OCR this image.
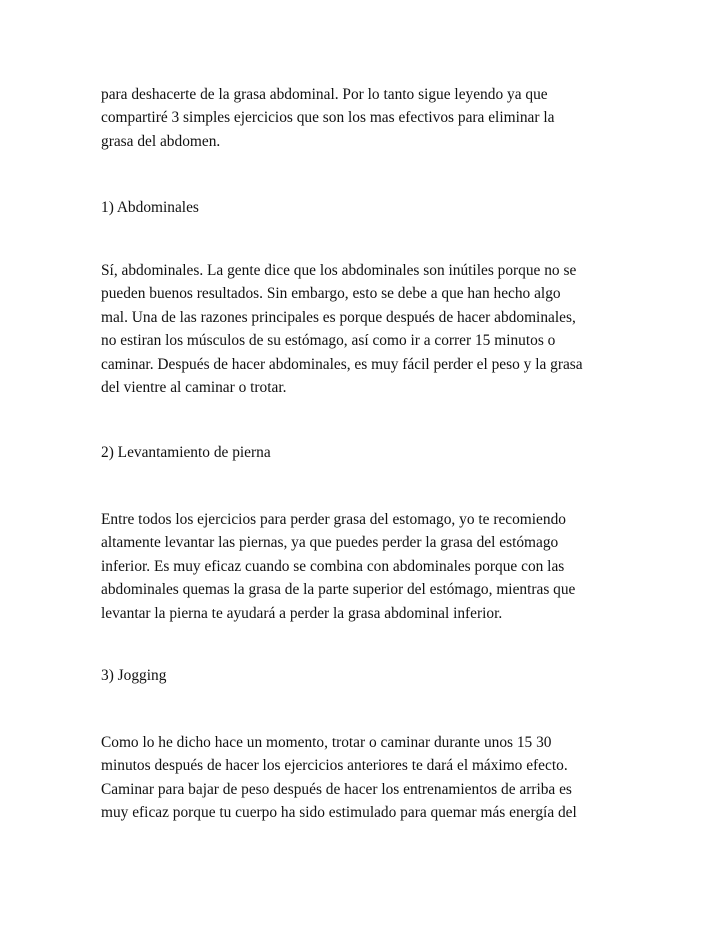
para deshacerte de la grasa abdominal. Por lo tanto sigue leyendo ya que
compartiré 3 simples ejercicios que son los mas efectivos para eliminar la
grasa del abdomen.
1) Abdominales
Sí, abdominales. La gente dice que los abdominales son inútiles porque no se
pueden buenos resultados. Sin embargo, esto se debe a que han hecho algo
mal. Una de las razones principales es porque después de hacer abdominales,
no estiran los músculos de su estómago, así como ir a correr 15 minutos o
caminar. Después de hacer abdominales, es muy fácil perder el peso y la grasa
del vientre al caminar o trotar.
2) Levantamiento de pierna
Entre todos los ejercicios para perder grasa del estomago, yo te recomiendo
altamente levantar las piernas, ya que puedes perder la grasa del estómago
inferior. Es muy eficaz cuando se combina con abdominales porque con las
abdominales quemas la grasa de la parte superior del estómago, mientras que
levantar la pierna te ayudará a perder la grasa abdominal inferior.
3) Jogging
Como lo he dicho hace un momento, trotar o caminar durante unos 15 30
minutos después de hacer los ejercicios anteriores te dará el máximo efecto.
Caminar para bajar de peso después de hacer los entrenamientos de arriba es
muy eficaz porque tu cuerpo ha sido estimulado para quemar más energía del
